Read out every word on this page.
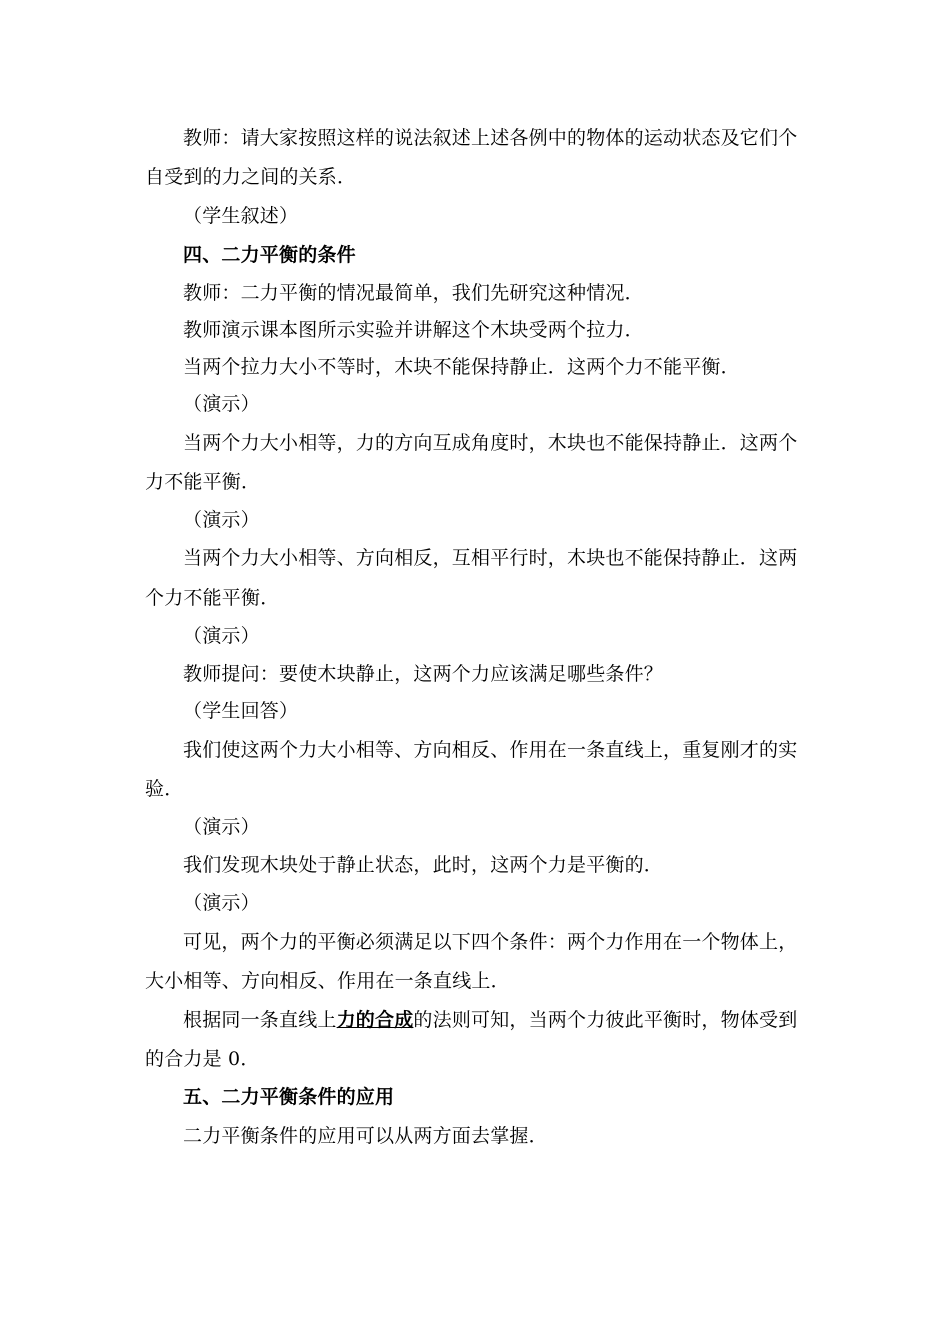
教师：请大家按照这样的说法叙述上述各例中的物体的运动状态及它们个
自受到的力之间的关系．
（学生叙述）
四、二力平衡的条件
教师：二力平衡的情况最简单，我们先研究这种情况．
教师演示课本图所示实验并讲解这个木块受两个拉力．
当两个拉力大小不等时，木块不能保持静止．这两个力不能平衡．
（演示）
当两个力大小相等，力的方向互成角度时，木块也不能保持静止．这两个
力不能平衡．
（演示）
当两个力大小相等、方向相反，互相平行时，木块也不能保持静止．这两
个力不能平衡．
（演示）
教师提问：要使木块静止，这两个力应该满足哪些条件？
（学生回答）
我们使这两个力大小相等、方向相反、作用在一条直线上，重复刚才的实
验．
（演示）
我们发现木块处于静止状态，此时，这两个力是平衡的．
（演示）
可见，两个力的平衡必须满足以下四个条件：两个力作用在一个物体上，
大小相等、方向相反、作用在一条直线上．
根据同一条直线上力的合成的法则可知，当两个力彼此平衡时，物体受到
的合力是 0．
五、二力平衡条件的应用
二力平衡条件的应用可以从两方面去掌握．
